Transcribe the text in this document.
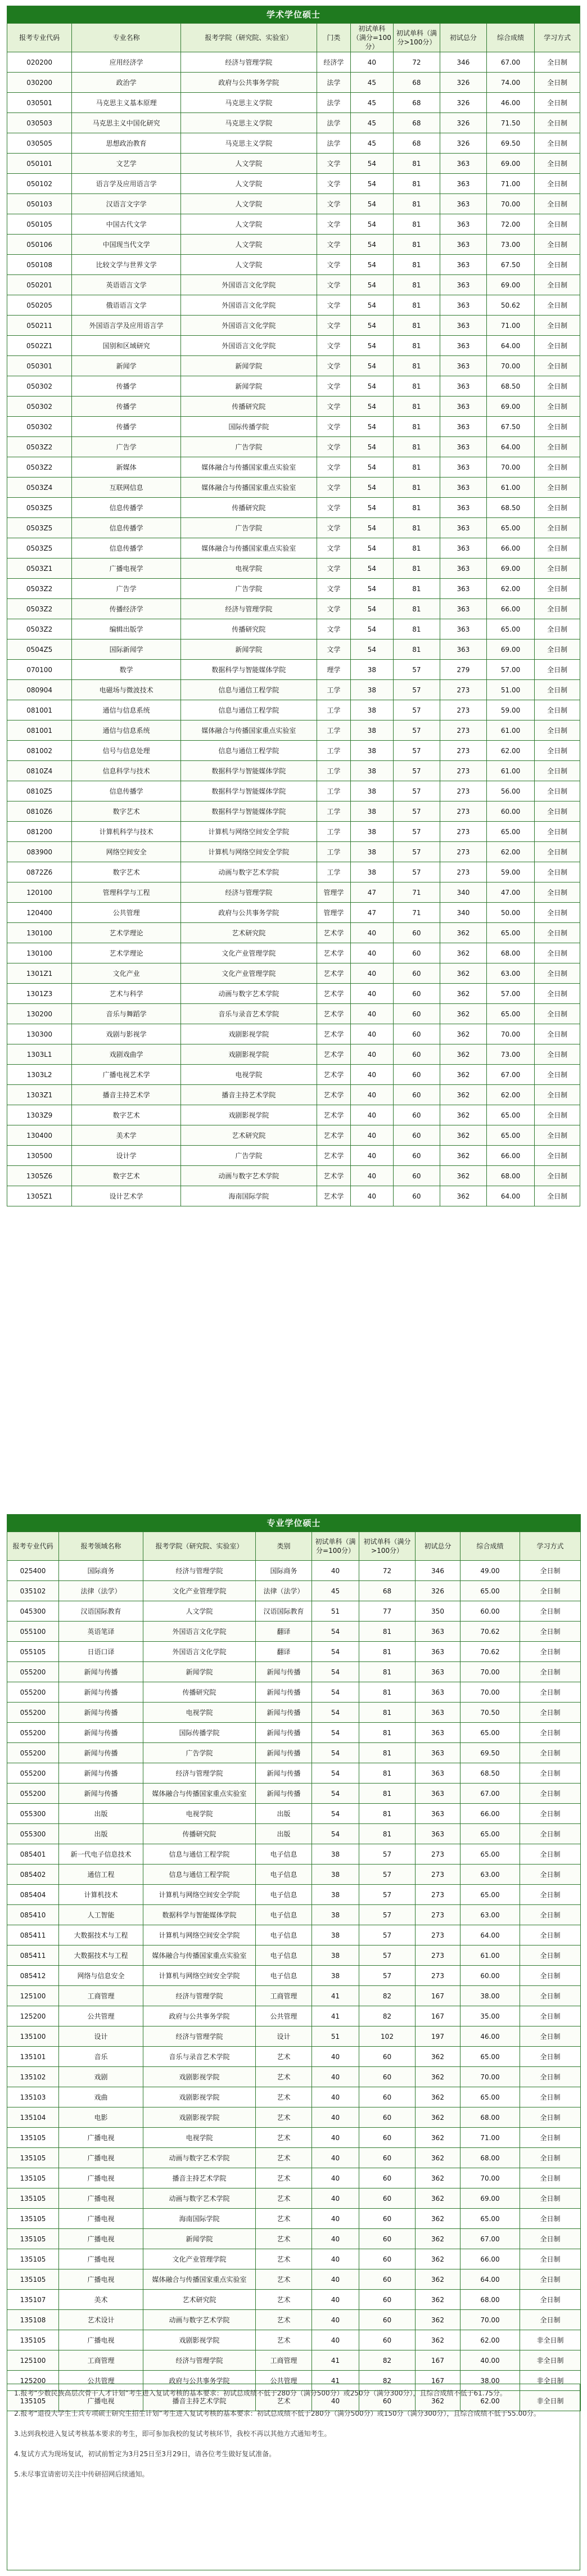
学术学位硕士								
报考专业代码	专业名称	报考学院（研究院、实验室）	门类	初试单科（满分=100分）	初试单科（满分>100分）	初试总分	综合成绩	学习方式
020200	应用经济学	经济与管理学院	经济学	40	72	346	67.00	全日制
030200	政治学	政府与公共事务学院	法学	45	68	326	74.00	全日制
030501	马克思主义基本原理	马克思主义学院	法学	45	68	326	46.00	全日制
030503	马克思主义中国化研究	马克思主义学院	法学	45	68	326	71.50	全日制
030505	思想政治教育	马克思主义学院	法学	45	68	326	69.50	全日制
050101	文艺学	人文学院	文学	54	81	363	69.00	全日制
050102	语言学及应用语言学	人文学院	文学	54	81	363	71.00	全日制
050103	汉语言文字学	人文学院	文学	54	81	363	70.00	全日制
050105	中国古代文学	人文学院	文学	54	81	363	72.00	全日制
050106	中国现当代文学	人文学院	文学	54	81	363	73.00	全日制
050108	比较文学与世界文学	人文学院	文学	54	81	363	67.50	全日制
050201	英语语言文学	外国语言文化学院	文学	54	81	363	69.00	全日制
050205	俄语语言文学	外国语言文化学院	文学	54	81	363	50.62	全日制
050211	外国语言学及应用语言学	外国语言文化学院	文学	54	81	363	71.00	全日制
0502Z1	国别和区域研究	外国语言文化学院	文学	54	81	363	64.00	全日制
050301	新闻学	新闻学院	文学	54	81	363	70.00	全日制
050302	传播学	新闻学院	文学	54	81	363	68.50	全日制
050302	传播学	传播研究院	文学	54	81	363	69.00	全日制
050302	传播学	国际传播学院	文学	54	81	363	67.50	全日制
0503Z2	广告学	广告学院	文学	54	81	363	64.00	全日制
0503Z2	新媒体	媒体融合与传播国家重点实验室	文学	54	81	363	70.00	全日制
0503Z4	互联网信息	媒体融合与传播国家重点实验室	文学	54	81	363	61.00	全日制
0503Z5	信息传播学	传播研究院	文学	54	81	363	68.50	全日制
0503Z5	信息传播学	广告学院	文学	54	81	363	65.00	全日制
0503Z5	信息传播学	媒体融合与传播国家重点实验室	文学	54	81	363	66.00	全日制
0503Z1	广播电视学	电视学院	文学	54	81	363	69.00	全日制
0503Z2	广告学	广告学院	文学	54	81	363	62.00	全日制
0503Z2	传播经济学	经济与管理学院	文学	54	81	363	66.00	全日制
0503Z2	编辑出版学	传播研究院	文学	54	81	363	65.00	全日制
0504Z5	国际新闻学	新闻学院	文学	54	81	363	69.00	全日制
070100	数学	数据科学与智能媒体学院	理学	38	57	279	57.00	全日制
080904	电磁场与微波技术	信息与通信工程学院	工学	38	57	273	51.00	全日制
081001	通信与信息系统	信息与通信工程学院	工学	38	57	273	59.00	全日制
081001	通信与信息系统	媒体融合与传播国家重点实验室	工学	38	57	273	61.00	全日制
081002	信号与信息处理	信息与通信工程学院	工学	38	57	273	62.00	全日制
0810Z4	信息科学与技术	数据科学与智能媒体学院	工学	38	57	273	61.00	全日制
0810Z5	信息传播学	数据科学与智能媒体学院	工学	38	57	273	56.00	全日制
0810Z6	数字艺术	数据科学与智能媒体学院	工学	38	57	273	60.00	全日制
081200	计算机科学与技术	计算机与网络空间安全学院	工学	38	57	273	65.00	全日制
083900	网络空间安全	计算机与网络空间安全学院	工学	38	57	273	62.00	全日制
0872Z6	数字艺术	动画与数字艺术学院	工学	38	57	273	59.00	全日制
120100	管理科学与工程	经济与管理学院	管理学	47	71	340	47.00	全日制
120400	公共管理	政府与公共事务学院	管理学	47	71	340	50.00	全日制
130100	艺术学理论	艺术研究院	艺术学	40	60	362	65.00	全日制
130100	艺术学理论	文化产业管理学院	艺术学	40	60	362	68.00	全日制
1301Z1	文化产业	文化产业管理学院	艺术学	40	60	362	63.00	全日制
1301Z3	艺术与科学	动画与数字艺术学院	艺术学	40	60	362	57.00	全日制
130200	音乐与舞蹈学	音乐与录音艺术学院	艺术学	40	60	362	65.00	全日制
130300	戏剧与影视学	戏剧影视学院	艺术学	40	60	362	70.00	全日制
1303L1	戏剧戏曲学	戏剧影视学院	艺术学	40	60	362	73.00	全日制
1303L2	广播电视艺术学	电视学院	艺术学	40	60	362	67.00	全日制
1303Z1	播音主持艺术学	播音主持艺术学院	艺术学	40	60	362	62.00	全日制
1303Z9	数字艺术	戏剧影视学院	艺术学	40	60	362	65.00	全日制
130400	美术学	艺术研究院	艺术学	40	60	362	65.00	全日制
130500	设计学	广告学院	艺术学	40	60	362	66.00	全日制
1305Z6	数字艺术	动画与数字艺术学院	艺术学	40	60	362	68.00	全日制
1305Z1	设计艺术学	海南国际学院	艺术学	40	60	362	64.00	全日制
专业学位硕士								
报考专业代码	报考领域名称	报考学院（研究院、实验室）	类别	初试单科（满分=100分）	初试单科（满分>100分）	初试总分	综合成绩	学习方式
025400	国际商务	经济与管理学院	国际商务	40	72	346	49.00	全日制
035102	法律（法学）	文化产业管理学院	法律（法学）	45	68	326	65.00	全日制
045300	汉语国际教育	人文学院	汉语国际教育	51	77	350	60.00	全日制
055100	英语笔译	外国语言文化学院	翻译	54	81	363	70.62	全日制
055105	日语口译	外国语言文化学院	翻译	54	81	363	70.62	全日制
055200	新闻与传播	新闻学院	新闻与传播	54	81	363	70.00	全日制
055200	新闻与传播	传播研究院	新闻与传播	54	81	363	70.00	全日制
055200	新闻与传播	电视学院	新闻与传播	54	81	363	70.50	全日制
055200	新闻与传播	国际传播学院	新闻与传播	54	81	363	65.00	全日制
055200	新闻与传播	广告学院	新闻与传播	54	81	363	69.50	全日制
055200	新闻与传播	经济与管理学院	新闻与传播	54	81	363	68.50	全日制
055200	新闻与传播	媒体融合与传播国家重点实验室	新闻与传播	54	81	363	67.00	全日制
055300	出版	电视学院	出版	54	81	363	66.00	全日制
055300	出版	传播研究院	出版	54	81	363	65.00	全日制
085401	新一代电子信息技术	信息与通信工程学院	电子信息	38	57	273	65.00	全日制
085402	通信工程	信息与通信工程学院	电子信息	38	57	273	63.00	全日制
085404	计算机技术	计算机与网络空间安全学院	电子信息	38	57	273	65.00	全日制
085410	人工智能	数据科学与智能媒体学院	电子信息	38	57	273	63.00	全日制
085411	大数据技术与工程	计算机与网络空间安全学院	电子信息	38	57	273	64.00	全日制
085411	大数据技术与工程	媒体融合与传播国家重点实验室	电子信息	38	57	273	61.00	全日制
085412	网络与信息安全	计算机与网络空间安全学院	电子信息	38	57	273	60.00	全日制
125100	工商管理	经济与管理学院	工商管理	41	82	167	38.00	全日制
125200	公共管理	政府与公共事务学院	公共管理	41	82	167	35.00	全日制
135100	设计	经济与管理学院	设计	51	102	197	46.00	全日制
135101	音乐	音乐与录音艺术学院	艺术	40	60	362	65.00	全日制
135102	戏剧	戏剧影视学院	艺术	40	60	362	70.00	全日制
135103	戏曲	戏剧影视学院	艺术	40	60	362	65.00	全日制
135104	电影	戏剧影视学院	艺术	40	60	362	68.00	全日制
135105	广播电视	电视学院	艺术	40	60	362	71.00	全日制
135105	广播电视	动画与数字艺术学院	艺术	40	60	362	68.00	全日制
135105	广播电视	播音主持艺术学院	艺术	40	60	362	70.00	全日制
135105	广播电视	动画与数字艺术学院	艺术	40	60	362	69.00	全日制
135105	广播电视	海南国际学院	艺术	40	60	362	65.00	全日制
135105	广播电视	新闻学院	艺术	40	60	362	67.00	全日制
135105	广播电视	文化产业管理学院	艺术	40	60	362	66.00	全日制
135105	广播电视	媒体融合与传播国家重点实验室	艺术	40	60	362	64.00	全日制
135107	美术	艺术研究院	艺术	40	60	362	68.00	全日制
135108	艺术设计	动画与数字艺术学院	艺术	40	60	362	70.00	全日制
135105	广播电视	戏剧影视学院	艺术	40	60	362	62.00	非全日制
125100	工商管理	经济与管理学院	工商管理	41	82	167	40.00	非全日制
125200	公共管理	政府与公共事务学院	公共管理	41	82	167	38.00	非全日制
135105	广播电视	播音主持艺术学院	艺术	40	60	362	62.00	非全日制

1.报考“少数民族高层次骨干人才计划”考生进入复试考核的基本要求：初试总成绩不低于280分（满分500分）或250分（满分300分），且综合成绩不低于61.75分。

2.报考“退役大学生士兵专项硕士研究生招生计划”考生进入复试考核的基本要求：初试总成绩不低于280分（满分500分）或150分（满分300分），且综合成绩不低于55.00分。

3.达到我校进入复试考核基本要求的考生，即可参加我校的复试考核环节，我校不再以其他方式通知考生。

4.复试方式为现场复试，初试前暂定为3月25日至3月29日，请各位考生做好复试准备。

5.未尽事宜请密切关注中传研招网后续通知。
